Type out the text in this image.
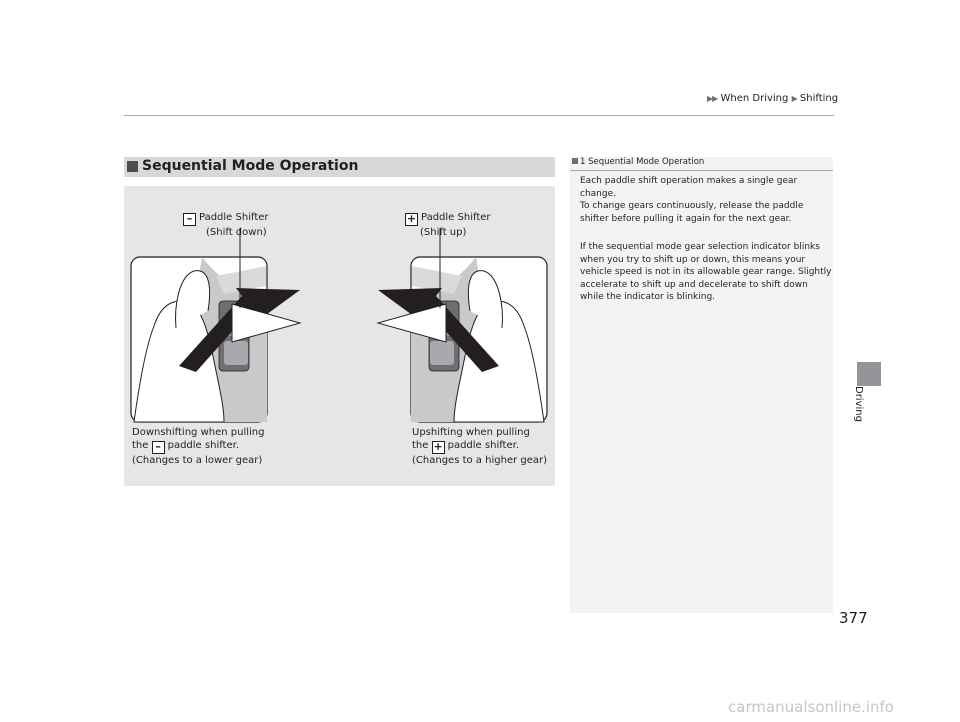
▶▶ When Driving ▶ Shifting
Sequential Mode Operation
– Paddle Shifter
(Shift down)
+ Paddle Shifter
(Shift up)
Downshifting when pulling
the – paddle shifter.
(Changes to a lower gear)
Upshifting when pulling
the + paddle shifter.
(Changes to a higher gear)
1 Sequential Mode Operation

Each paddle shift operation makes a single gear change.
To change gears continuously, release the paddle shifter before pulling it again for the next gear.

If the sequential mode gear selection indicator blinks when you try to shift up or down, this means your vehicle speed is not in its allowable gear range. Slightly accelerate to shift up and decelerate to shift down while the indicator is blinking.

Driving
377
carmanualsonline.info
